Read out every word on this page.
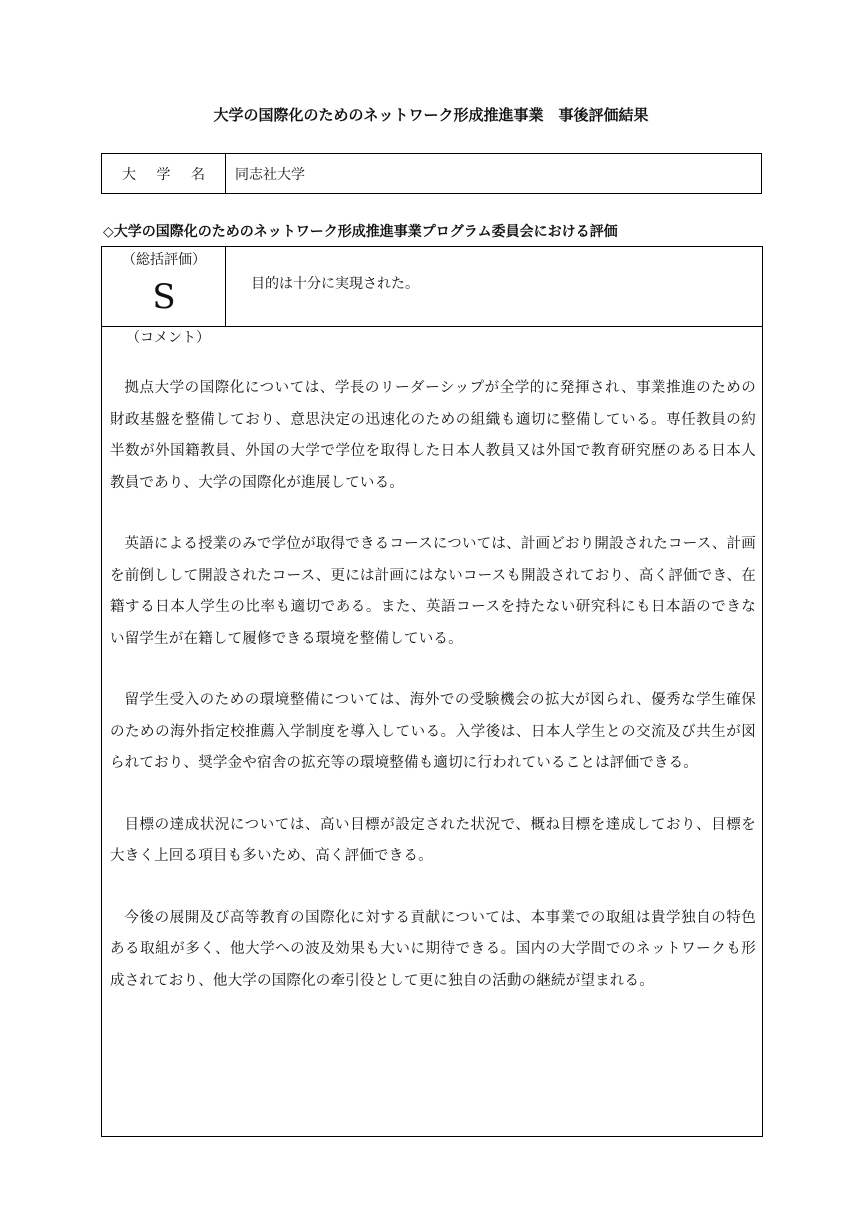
大学の国際化のためのネットワーク形成推進事業　事後評価結果
大 学 名	同志社大学
◇大学の国際化のためのネットワーク形成推進事業プログラム委員会における評価
（総括評価）
S	目的は十分に実現された。
（コメント）

拠点大学の国際化については、学長のリーダーシップが全学的に発揮され、事業推進のための財政基盤を整備しており、意思決定の迅速化のための組織も適切に整備している。専任教員の約半数が外国籍教員、外国の大学で学位を取得した日本人教員又は外国で教育研究歴のある日本人教員であり、大学の国際化が進展している。

英語による授業のみで学位が取得できるコースについては、計画どおり開設されたコース、計画を前倒しして開設されたコース、更には計画にはないコースも開設されており、高く評価でき、在籍する日本人学生の比率も適切である。また、英語コースを持たない研究科にも日本語のできない留学生が在籍して履修できる環境を整備している。

留学生受入のための環境整備については、海外での受験機会の拡大が図られ、優秀な学生確保のための海外指定校推薦入学制度を導入している。入学後は、日本人学生との交流及び共生が図られており、奨学金や宿舎の拡充等の環境整備も適切に行われていることは評価できる。

目標の達成状況については、高い目標が設定された状況で、概ね目標を達成しており、目標を大きく上回る項目も多いため、高く評価できる。

今後の展開及び高等教育の国際化に対する貢献については、本事業での取組は貴学独自の特色ある取組が多く、他大学への波及効果も大いに期待できる。国内の大学間でのネットワークも形成されており、他大学の国際化の牽引役として更に独自の活動の継続が望まれる。
